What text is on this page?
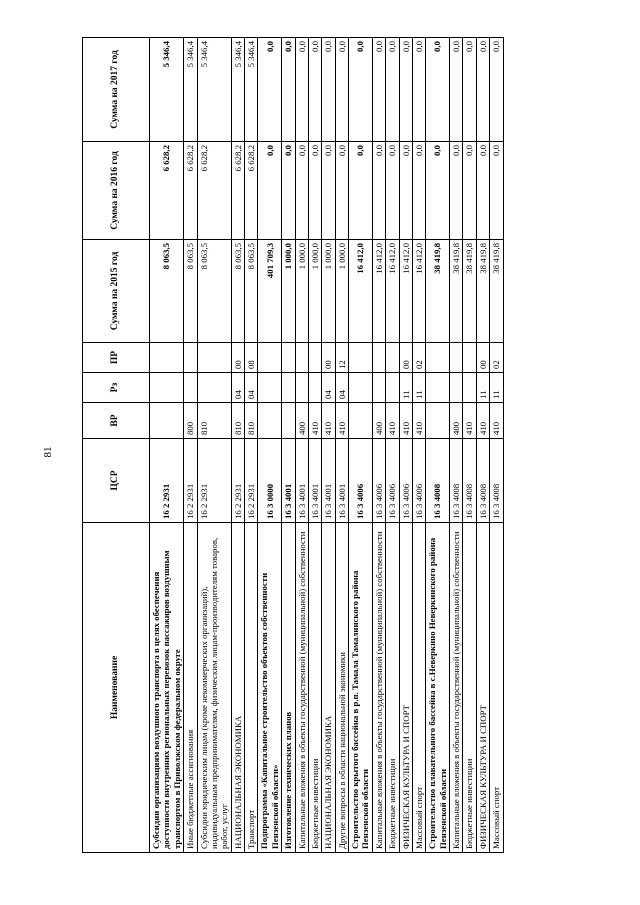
81
Наименование	ЦСР	ВР	Рз	ПР	Сумма на 2015 год	Сумма на 2016 год	Сумма на 2017 год
Субсидии организациям воздушного транспорта в целях обеспечения доступности внутренних региональных перевозок пассажиров воздушным транспортом в Приволжском федеральном округе	16 2 2931				8 063,5	6 628,2	5 346,4
Иные бюджетные ассигнования	16 2 2931	800			8 063,5	6 628,2	5 346,4
Субсидии юридическим лицам (кроме некоммерческих организаций), индивидуальным предпринимателям, физическим лицам-производителям товаров, работ, услуг	16 2 2931	810			8 063,5	6 628,2	5 346,4
НАЦИОНАЛЬНАЯ ЭКОНОМИКА	16 2 2931	810	04	00	8 063,5	6 628,2	5 346,4
Транспорт	16 2 2931	810	04	08	8 063,5	6 628,2	5 346,4
Подпрограмма «Капитальное строительство объектов собственности Пензенской области»	16 3 0000				401 709,3	0,0	0,0
Изготовление технических планов	16 3 4001				1 000,0	0,0	0,0
Капитальные вложения в объекты государственной (муниципальной) собственности	16 3 4001	400			1 000,0	0,0	0,0
Бюджетные инвестиции	16 3 4001	410			1 000,0	0,0	0,0
НАЦИОНАЛЬНАЯ ЭКОНОМИКА	16 3 4001	410	04	00	1 000,0	0,0	0,0
Другие вопросы в области национальной экономики	16 3 4001	410	04	12	1 000,0	0,0	0,0
Строительство крытого бассейна в р.п. Тамала Тамалинского района Пензенской области	16 3 4006				16 412,0	0,0	0,0
Капитальные вложения в объекты государственной (муниципальной) собственности	16 3 4006	400			16 412,0	0,0	0,0
Бюджетные инвестиции	16 3 4006	410			16 412,0	0,0	0,0
ФИЗИЧЕСКАЯ КУЛЬТУРА И СПОРТ	16 3 4006	410	11	00	16 412,0	0,0	0,0
Массовый спорт	16 3 4006	410	11	02	16 412,0	0,0	0,0
Строительство плавательного бассейна в с.Неверкино Неверкинского района Пензенской области	16 3 4008				38 419,8	0,0	0,0
Капитальные вложения в объекты государственной (муниципальной) собственности	16 3 4008	400			38 419,8	0,0	0,0
Бюджетные инвестиции	16 3 4008	410			38 419,8	0,0	0,0
ФИЗИЧЕСКАЯ КУЛЬТУРА И СПОРТ	16 3 4008	410	11	00	38 419,8	0,0	0,0
Массовый спорт	16 3 4008	410	11	02	38 419,8	0,0	0,0
